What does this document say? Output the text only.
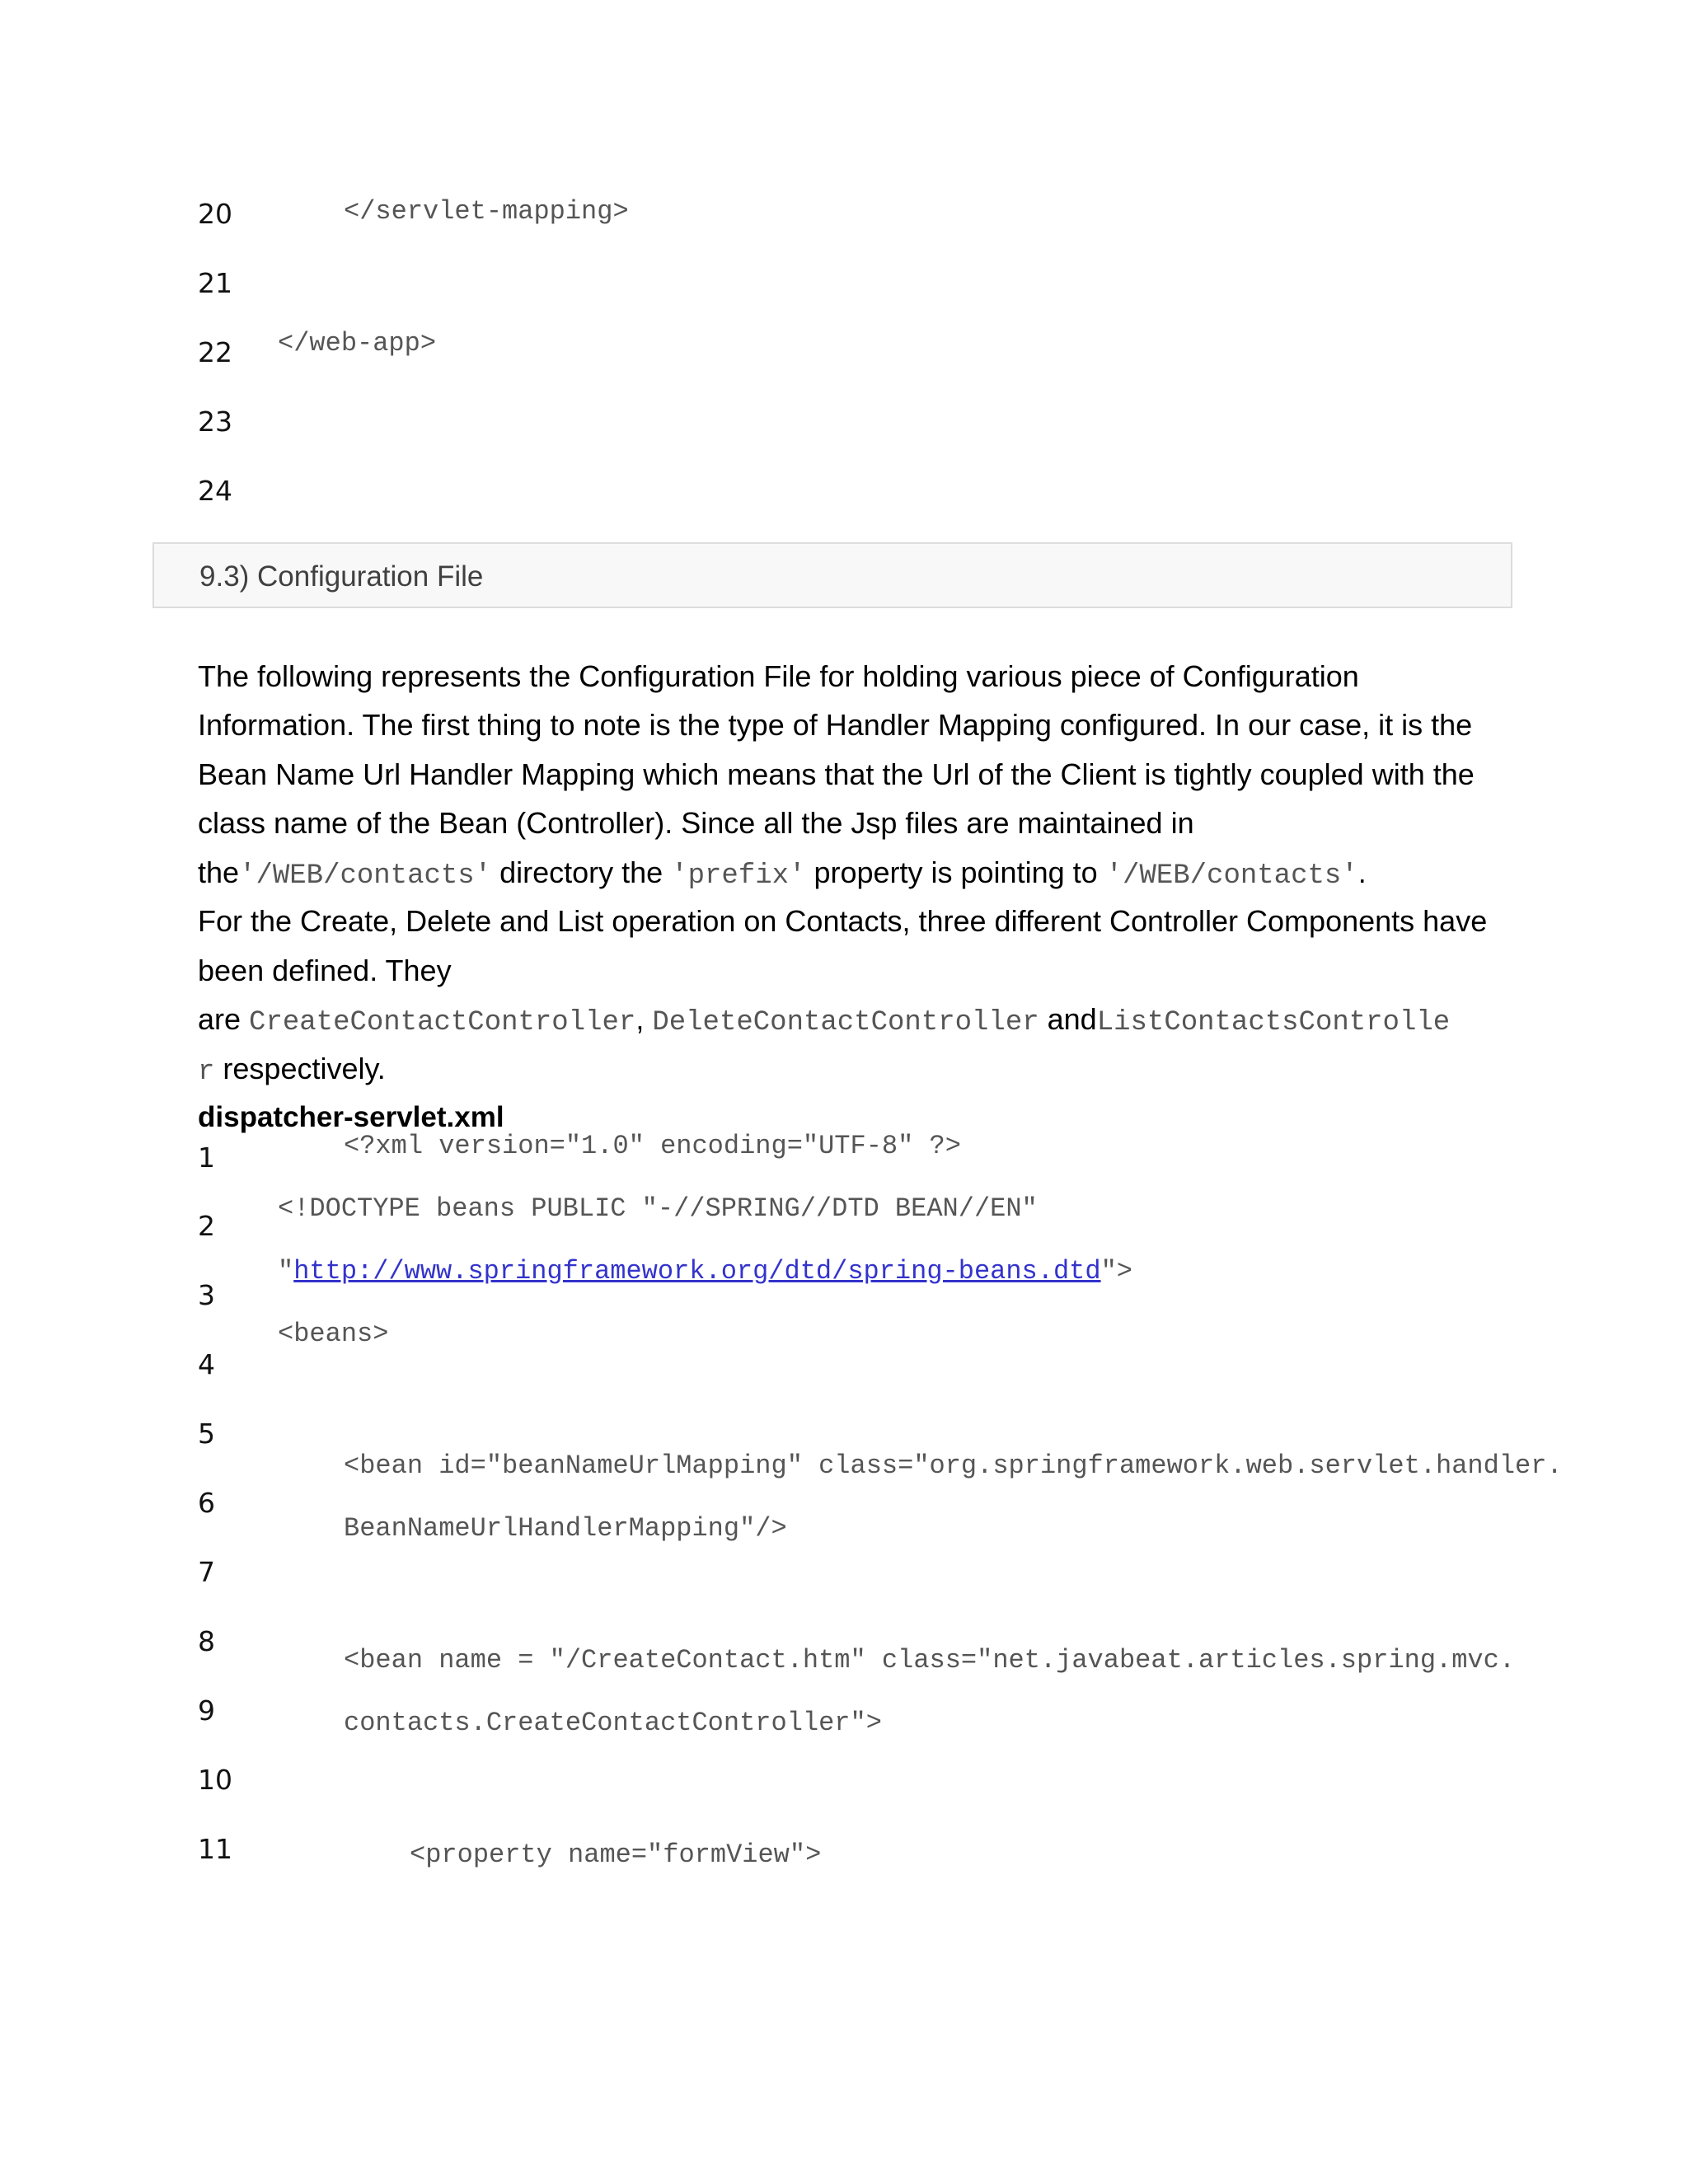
20	</servlet-mapping>
21
22 </web-app>
23
24
9.3) Configuration File
The following represents the Configuration File for holding various piece of Configuration
Information. The first thing to note is the type of Handler Mapping configured. In our case, it is the
Bean Name Url Handler Mapping which means that the Url of the Client is tightly coupled with the
class name of the Bean (Controller). Since all the Jsp files are maintained in
the'/WEB/contacts' directory the 'prefix' property is pointing to '/WEB/contacts'.
For the Create, Delete and List operation on Contacts, three different Controller Components have
been defined. They
are CreateContactController, DeleteContactController andListContactsControlle
r respectively.
dispatcher-servlet.xml
1
2
3
4
5
6
7
8
9
10
11
<?xml version="1.0" encoding="UTF-8" ?>
<!DOCTYPE beans PUBLIC "-//SPRING//DTD BEAN//EN"
"http://www.springframework.org/dtd/spring-beans.dtd">
<beans>
<bean id="beanNameUrlMapping" class="org.springframework.web.servlet.handler.
BeanNameUrlHandlerMapping"/>
<bean name = "/CreateContact.htm" class="net.javabeat.articles.spring.mvc.
contacts.CreateContactController">
<property name="formView">
